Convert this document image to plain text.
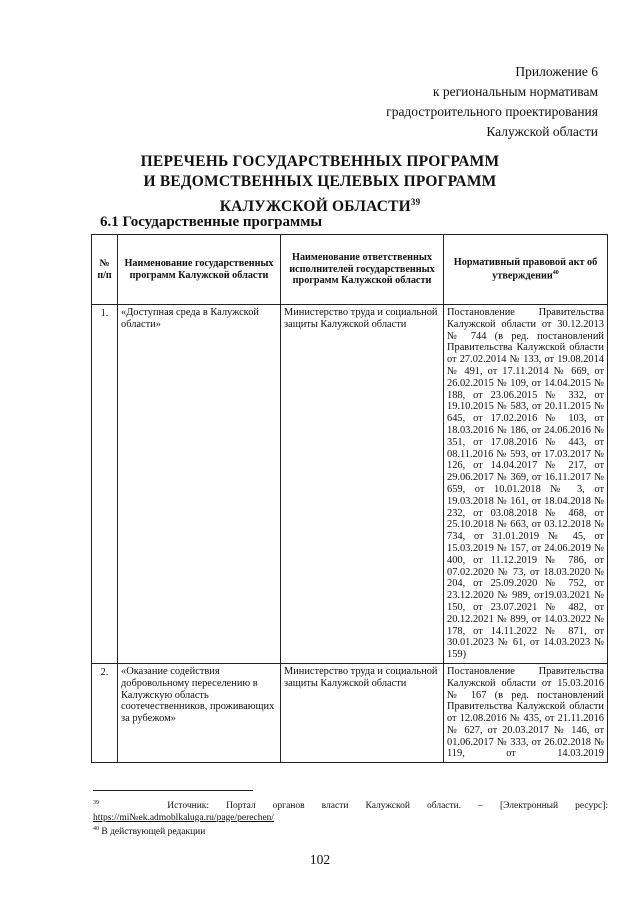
Приложение 6
к региональным нормативам
градостроительного проектирования
Калужской области
ПЕРЕЧЕНЬ ГОСУДАРСТВЕННЫХ ПРОГРАММ
И ВЕДОМСТВЕННЫХ ЦЕЛЕВЫХ ПРОГРАММ
КАЛУЖСКОЙ ОБЛАСТИ$^{39}$
6.1 Государственные программы
№ п/п	Наименование государственных программ Калужской области	Наименование ответственных исполнителей государственных программ Калужской области	Нормативный правовой акт об утверждении$^{40}$
1.	«Доступная среда в Калужской области»	Министерство труда и социальной защиты Калужской области	Постановление Правительства Калужской области от 30.12.2013 № 744 (в ред. постановлений Правительства Калужской области от 27.02.2014 № 133, от 19.08.2014 № 491, от 17.11.2014 № 669, от 26.02.2015 № 109, от 14.04.2015 № 188, от 23.06.2015 № 332, от 19.10.2015 № 583, от 20.11.2015 № 645, от 17.02.2016 № 103, от 18.03.2016 № 186, от 24.06.2016 № 351, от 17.08.2016 № 443, от 08.11.2016 № 593, от 17.03.2017 № 126, от 14.04.2017 № 217, от 29.06.2017 № 369, от 16.11.2017 № 659, от 10.01.2018 № 3, от 19.03.2018 № 161, от 18.04.2018 № 232, от 03.08.2018 № 468, от 25.10.2018 № 663, от 03.12.2018 № 734, от 31.01.2019 № 45, от 15.03.2019 № 157, от 24.06.2019 № 400, от 11.12.2019 № 786, от 07.02.2020 № 73, от 18.03.2020 № 204, от 25.09.2020 № 752, от 23.12.2020 № 989, от19.03.2021 № 150, от 23.07.2021 № 482, от 20.12.2021 № 899, от 14.03.2022 № 178, от 14.11.2022 № 871, от 30.01.2023 № 61, от 14.03.2023 № 159)
2.	«Оказание содействия добровольному переселению в Калужскую область соотечественников, проживающих за рубежом»	Министерство труда и социальной защиты Калужской области	Постановление Правительства Калужской области от 15.03.2016 № 167 (в ред. постановлений Правительства Калужской области от 12.08.2016 № 435, от 21.11.2016 № 627, от 20.03.2017 № 146, от 01.06.2017 № 333, от 26.02.2018 № 119, от 14.03.2019
$^{39}$	Источник: Портал органов власти Калужской области. – [Электронный ресурс]:
https://mi№ek.admoblkaluga.ru/page/perechen/
$^{40}$ В действующей редакции
102
